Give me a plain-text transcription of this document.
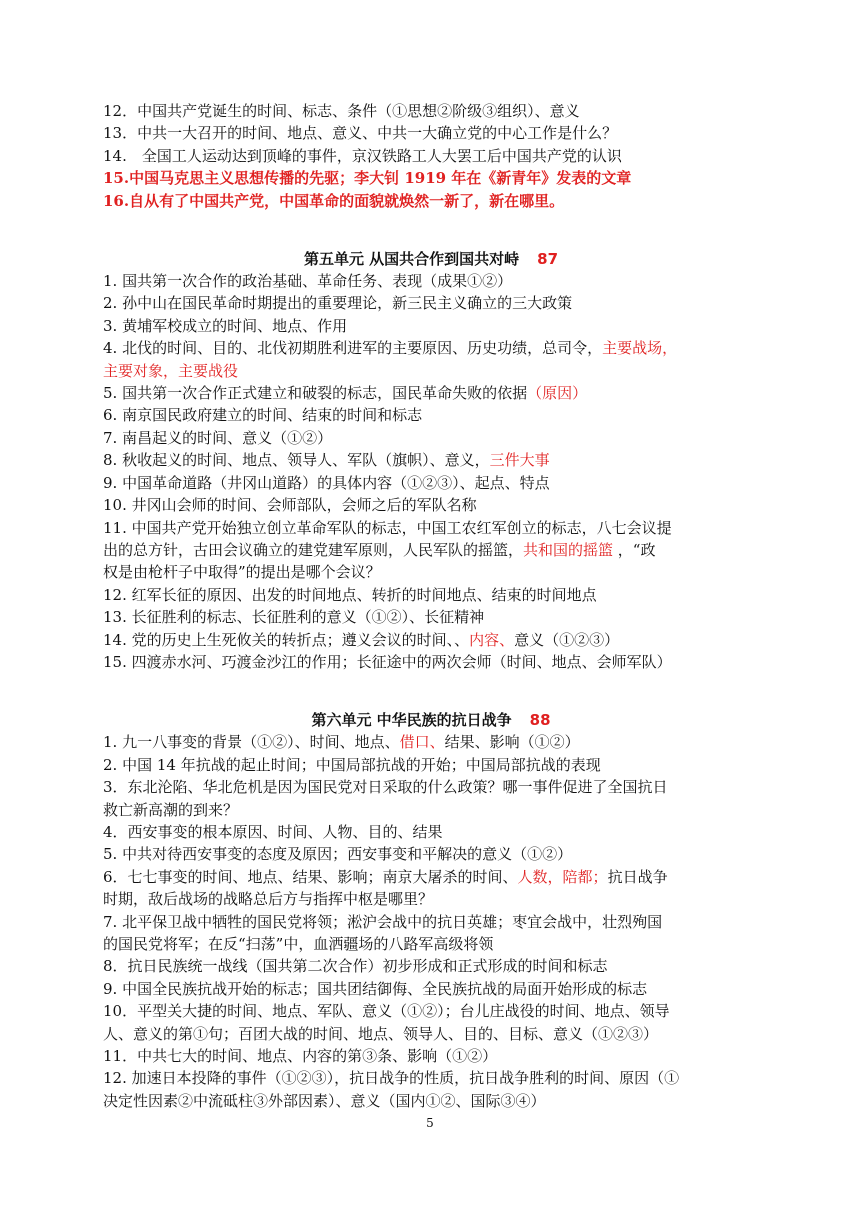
12．中国共产党诞生的时间、标志、条件（①思想②阶级③组织）、意义
13．中共一大召开的时间、地点、意义、中共一大确立党的中心工作是什么？
14.　全国工人运动达到顶峰的事件，京汉铁路工人大罢工后中国共产党的认识
15.中国马克思主义思想传播的先驱；李大钊 1919 年在《新青年》发表的文章
16.自从有了中国共产党，中国革命的面貌就焕然一新了，新在哪里。
第五单元 从国共合作到国共对峙 87
1. 国共第一次合作的政治基础、革命任务、表现（成果①②）
2. 孙中山在国民革命时期提出的重要理论，新三民主义确立的三大政策
3. 黄埔军校成立的时间、地点、作用
4. 北伐的时间、目的、北伐初期胜利进军的主要原因、历史功绩，总司令，主要战场，
主要对象，主要战役
5. 国共第一次合作正式建立和破裂的标志，国民革命失败的依据（原因）
6. 南京国民政府建立的时间、结束的时间和标志
7. 南昌起义的时间、意义（①②）
8. 秋收起义的时间、地点、领导人、军队（旗帜）、意义，三件大事
9. 中国革命道路（井冈山道路）的具体内容（①②③）、起点、特点
10. 井冈山会师的时间、会师部队，会师之后的军队名称
11. 中国共产党开始独立创立革命军队的标志，中国工农红军创立的标志，八七会议提
出的总方针，古田会议确立的建党建军原则，人民军队的摇篮，共和国的摇篮 ，“政
权是由枪杆子中取得”的提出是哪个会议？
12. 红军长征的原因、出发的时间地点、转折的时间地点、结束的时间地点
13. 长征胜利的标志、长征胜利的意义（①②）、长征精神
14. 党的历史上生死攸关的转折点；遵义会议的时间、、内容、意义（①②③）
15. 四渡赤水河、巧渡金沙江的作用；长征途中的两次会师（时间、地点、会师军队）
第六单元 中华民族的抗日战争 88
1. 九一八事变的背景（①②）、时间、地点、借口、结果、影响（①②）
2. 中国 14 年抗战的起止时间；中国局部抗战的开始；中国局部抗战的表现
3．东北沦陷、华北危机是因为国民党对日采取的什么政策？哪一事件促进了全国抗日
救亡新高潮的到来？
4．西安事变的根本原因、时间、人物、目的、结果
5. 中共对待西安事变的态度及原因；西安事变和平解决的意义（①②）
6．七七事变的时间、地点、结果、影响；南京大屠杀的时间、人数，陪都；抗日战争
时期，敌后战场的战略总后方与指挥中枢是哪里？
7. 北平保卫战中牺牲的国民党将领；淞沪会战中的抗日英雄；枣宜会战中，壮烈殉国
的国民党将军；在反“扫荡”中，血洒疆场的八路军高级将领
8．抗日民族统一战线（国共第二次合作）初步形成和正式形成的时间和标志
9. 中国全民族抗战开始的标志；国共团结御侮、全民族抗战的局面开始形成的标志
10．平型关大捷的时间、地点、军队、意义（①②）；台儿庄战役的时间、地点、领导
人、意义的第①句；百团大战的时间、地点、领导人、目的、目标、意义（①②③）
11．中共七大的时间、地点、内容的第③条、影响（①②）
12. 加速日本投降的事件（①②③），抗日战争的性质，抗日战争胜利的时间、原因（①
决定性因素②中流砥柱③外部因素）、意义（国内①②、国际③④）
5
